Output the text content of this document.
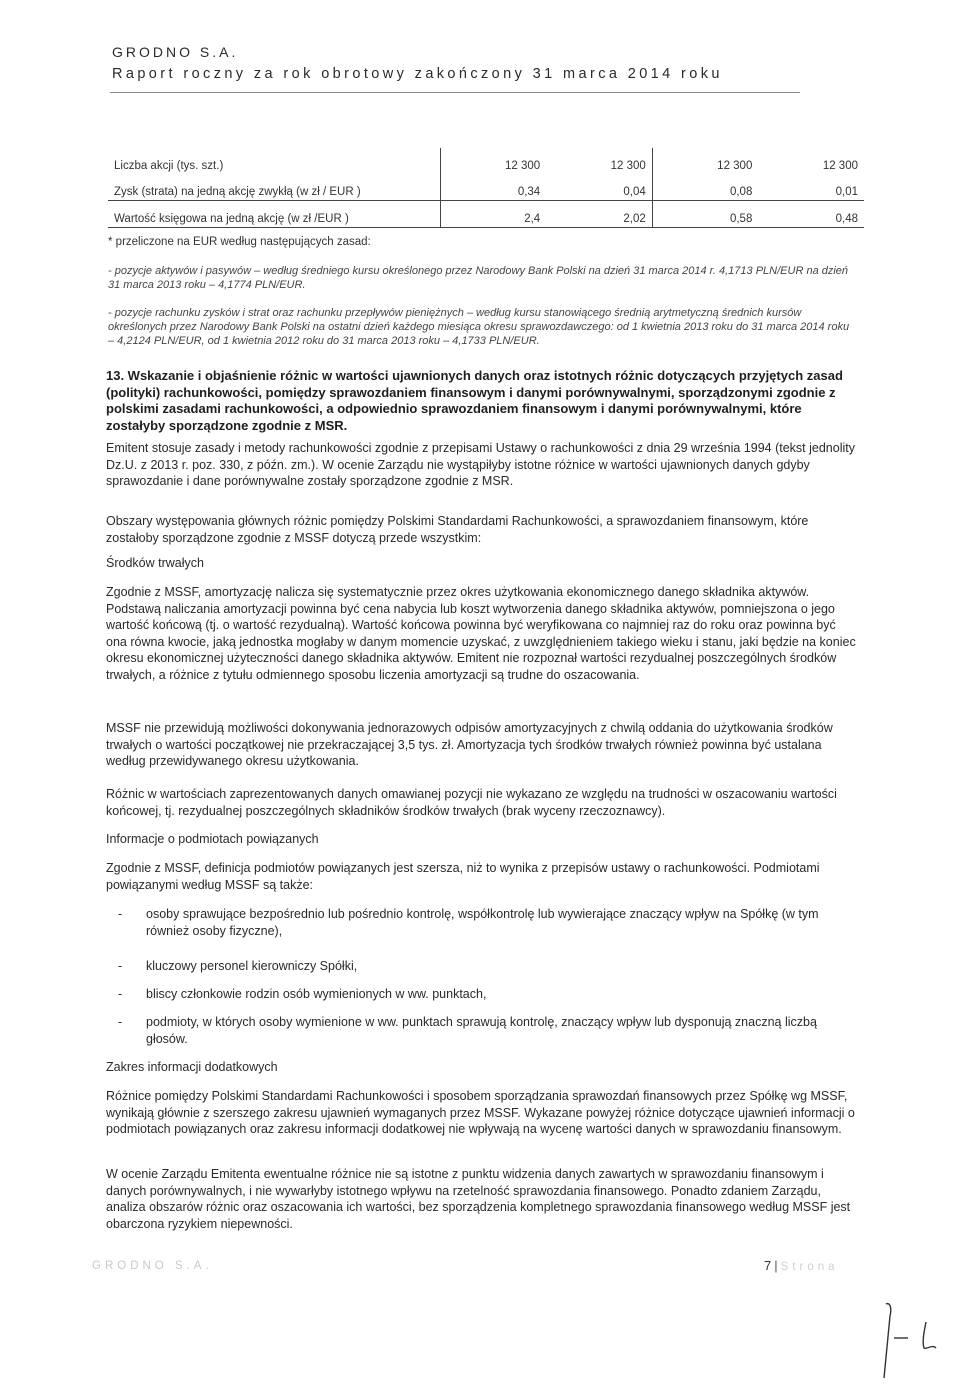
GRODNO S.A.
Raport roczny za rok obrotowy zakończony 31 marca 2014 roku
Liczba akcji (tys. szt.)	12 300	12 300	12 300	12 300
Zysk (strata) na jedną akcję zwykłą (w zł / EUR )	0,34	0,04	0,08	0,01
Wartość księgowa na jedną akcję (w zł /EUR )	2,4	2,02	0,58	0,48
* przeliczone na EUR według następujących zasad:
- pozycje aktywów i pasywów – według średniego kursu określonego przez Narodowy Bank Polski na dzień 31 marca 2014 r. 4,1713 PLN/EUR na dzień 31 marca 2013 roku – 4,1774 PLN/EUR.
- pozycje rachunku zysków i strat oraz rachunku przepływów pieniężnych – według kursu stanowiącego średnią arytmetyczną średnich kursów określonych przez Narodowy Bank Polski na ostatni dzień każdego miesiąca okresu sprawozdawczego: od 1 kwietnia 2013 roku do 31 marca 2014 roku – 4,2124 PLN/EUR, od 1 kwietnia 2012 roku do 31 marca 2013 roku – 4,1733 PLN/EUR.
13. Wskazanie i objaśnienie różnic w wartości ujawnionych danych oraz istotnych różnic dotyczących przyjętych zasad (polityki) rachunkowości, pomiędzy sprawozdaniem finansowym i danymi porównywalnymi, sporządzonymi zgodnie z polskimi zasadami rachunkowości, a odpowiednio sprawozdaniem finansowym i danymi porównywalnymi, które zostałyby sporządzone zgodnie z MSR.
Emitent stosuje zasady i metody rachunkowości zgodnie z przepisami Ustawy o rachunkowości z dnia 29 września 1994 (tekst jednolity Dz.U. z 2013 r. poz. 330, z późn. zm.). W ocenie Zarządu nie wystąpiłyby istotne różnice w wartości ujawnionych danych gdyby sprawozdanie i dane porównywalne zostały sporządzone zgodnie z MSR.
Obszary występowania głównych różnic pomiędzy Polskimi Standardami Rachunkowości, a sprawozdaniem finansowym, które zostałoby sporządzone zgodnie z MSSF dotyczą przede wszystkim:
Środków trwałych
Zgodnie z MSSF, amortyzację nalicza się systematycznie przez okres użytkowania ekonomicznego danego składnika aktywów. Podstawą naliczania amortyzacji powinna być cena nabycia lub koszt wytworzenia danego składnika aktywów, pomniejszona o jego wartość końcową (tj. o wartość rezydualną). Wartość końcowa powinna być weryfikowana co najmniej raz do roku oraz powinna być ona równa kwocie, jaką jednostka mogłaby w danym momencie uzyskać, z uwzględnieniem takiego wieku i stanu, jaki będzie na koniec okresu ekonomicznej użyteczności danego składnika aktywów. Emitent nie rozpoznał wartości rezydualnej poszczególnych środków trwałych, a różnice z tytułu odmiennego sposobu liczenia amortyzacji są trudne do oszacowania.
MSSF nie przewidują możliwości dokonywania jednorazowych odpisów amortyzacyjnych z chwilą oddania do użytkowania środków trwałych o wartości początkowej nie przekraczającej 3,5 tys. zł. Amortyzacja tych środków trwałych również powinna być ustalana według przewidywanego okresu użytkowania.
Różnic w wartościach zaprezentowanych danych omawianej pozycji nie wykazano ze względu na trudności w oszacowaniu wartości końcowej, tj. rezydualnej poszczególnych składników środków trwałych (brak wyceny rzeczoznawcy).
Informacje o podmiotach powiązanych
Zgodnie z MSSF, definicja podmiotów powiązanych jest szersza, niż to wynika z przepisów ustawy o rachunkowości. Podmiotami powiązanymi według MSSF są także:
- osoby sprawujące bezpośrednio lub pośrednio kontrolę, współkontrolę lub wywierające znaczący wpływ na Spółkę (w tym również osoby fizyczne),
- kluczowy personel kierowniczy Spółki,
- bliscy członkowie rodzin osób wymienionych w ww. punktach,
- podmioty, w których osoby wymienione w ww. punktach sprawują kontrolę, znaczący wpływ lub dysponują znaczną liczbą głosów.
Zakres informacji dodatkowych
Różnice pomiędzy Polskimi Standardami Rachunkowości i sposobem sporządzania sprawozdań finansowych przez Spółkę wg MSSF, wynikają głównie z szerszego zakresu ujawnień wymaganych przez MSSF. Wykazane powyżej różnice dotyczące ujawnień informacji o podmiotach powiązanych oraz zakresu informacji dodatkowej nie wpływają na wycenę wartości danych w sprawozdaniu finansowym.
W ocenie Zarządu Emitenta ewentualne różnice nie są istotne z punktu widzenia danych zawartych w sprawozdaniu finansowym i danych porównywalnych, i nie wywarłyby istotnego wpływu na rzetelność sprawozdania finansowego. Ponadto zdaniem Zarządu, analiza obszarów różnic oraz oszacowania ich wartości, bez sporządzenia kompletnego sprawozdania finansowego według MSSF jest obarczona ryzykiem niepewności.
GRODNO S.A.	7 | Strona
